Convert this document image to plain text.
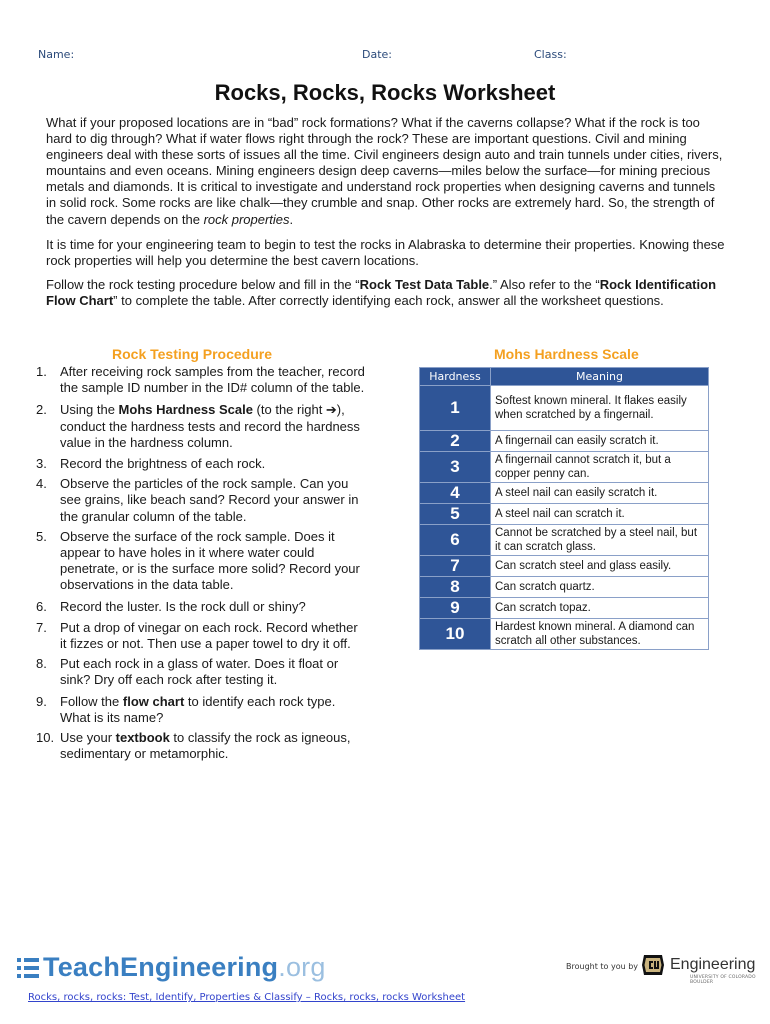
Name:	Date:	Class:
Rocks, Rocks, Rocks Worksheet

What if your proposed locations are in “bad” rock formations? What if the caverns collapse? What if the rock is too hard to dig through? What if water flows right through the rock? These are important questions. Civil and mining engineers deal with these sorts of issues all the time. Civil engineers design auto and train tunnels under cities, rivers, mountains and even oceans. Mining engineers design deep caverns—miles below the surface—for mining precious metals and diamonds. It is critical to investigate and understand rock properties when designing caverns and tunnels in solid rock. Some rocks are like chalk—they crumble and snap. Other rocks are extremely hard. So, the strength of the cavern depends on the rock properties.

It is time for your engineering team to begin to test the rocks in Alabraska to determine their properties. Knowing these rock properties will help you determine the best cavern locations.

Follow the rock testing procedure below and fill in the “Rock Test Data Table.” Also refer to the “Rock Identification Flow Chart” to complete the table. After correctly identifying each rock, answer all the worksheet questions.

Rock Testing Procedure	Mohs Hardness Scale
1. After receiving rock samples from the teacher, record the sample ID number in the ID# column of the table.
2. Using the Mohs Hardness Scale (to the right ➔), conduct the hardness tests and record the hardness value in the hardness column.
3. Record the brightness of each rock.
4. Observe the particles of the rock sample. Can you see grains, like beach sand? Record your answer in the granular column of the table.
5. Observe the surface of the rock sample. Does it appear to have holes in it where water could penetrate, or is the surface more solid? Record your observations in the data table.
6. Record the luster. Is the rock dull or shiny?
7. Put a drop of vinegar on each rock. Record whether it fizzes or not. Then use a paper towel to dry it off.
8. Put each rock in a glass of water. Does it float or sink? Dry off each rock after testing it.
9. Follow the flow chart to identify each rock type. What is its name?
10. Use your textbook to classify the rock as igneous, sedimentary or metamorphic.
Hardness	Meaning
1	Softest known mineral. It flakes easily when scratched by a fingernail.
2	A fingernail can easily scratch it.
3	A fingernail cannot scratch it, but a copper penny can.
4	A steel nail can easily scratch it.
5	A steel nail can scratch it.
6	Cannot be scratched by a steel nail, but it can scratch glass.
7	Can scratch steel and glass easily.
8	Can scratch quartz.
9	Can scratch topaz.
10	Hardest known mineral. A diamond can scratch all other substances.
TeachEngineering.org	Brought to you by Engineering
UNIVERSITY OF COLORADO BOULDER
Rocks, rocks, rocks: Test, Identify, Properties & Classify – Rocks, rocks, rocks Worksheet
